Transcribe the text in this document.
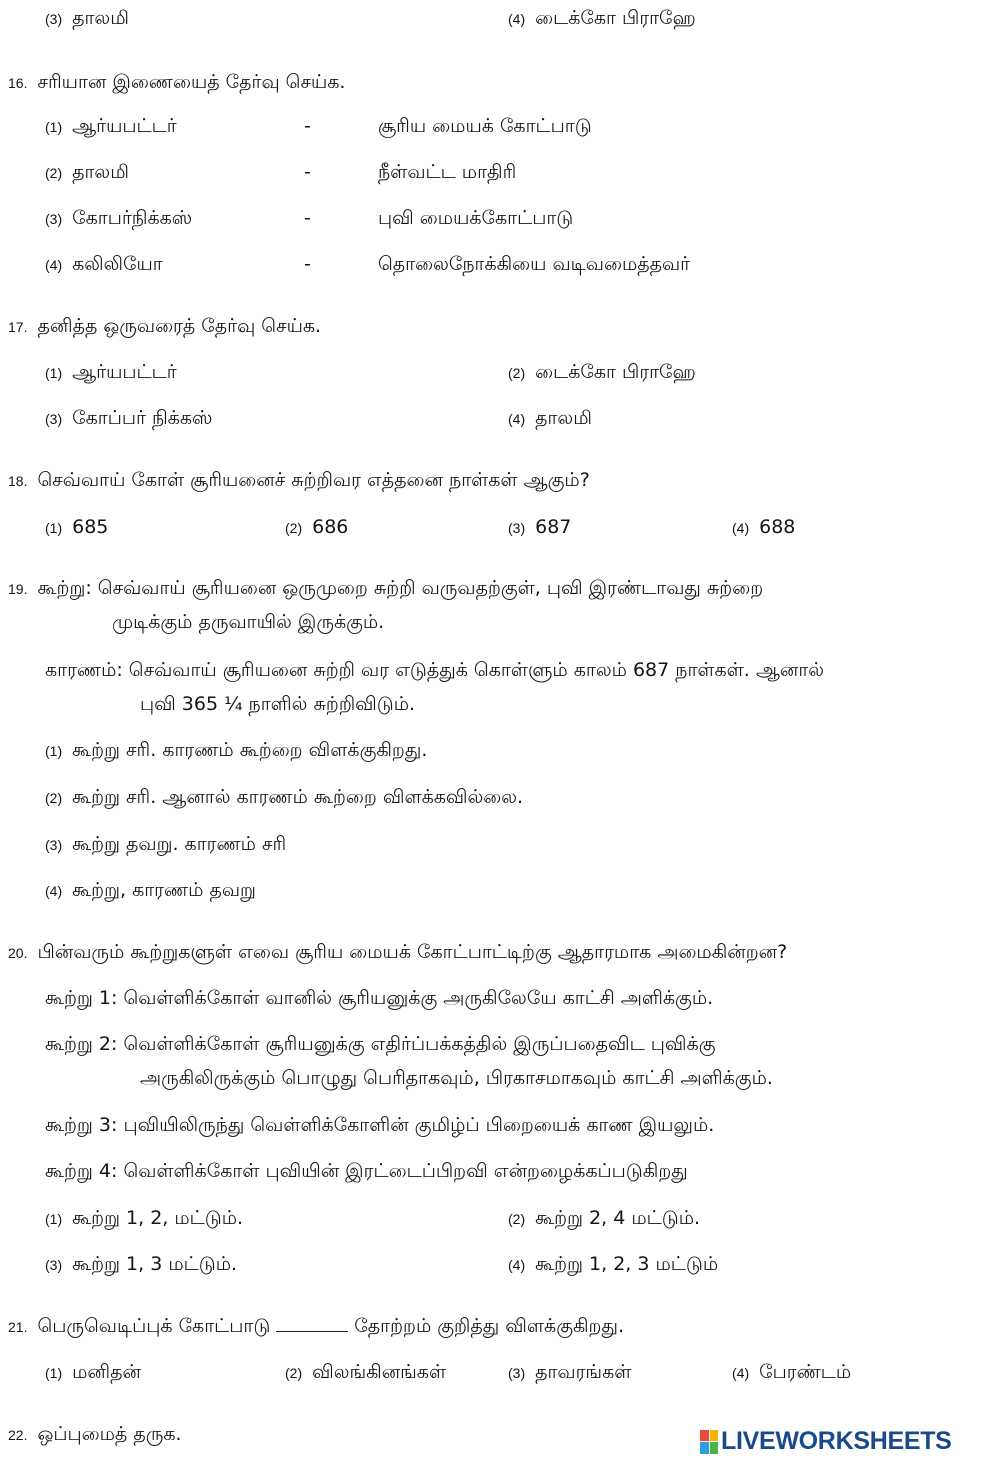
(3) தாலமி	(4) டைக்கோ பிராஹே
16. சரியான இணையைத் தேர்வு செய்க.
(1) ஆர்யபட்டர்	-	சூரிய மையக் கோட்பாடு
(2) தாலமி	-	நீள்வட்ட மாதிரி
(3) கோபர்நிக்கஸ்	-	புவி மையக்கோட்பாடு
(4) கலிலியோ	-	தொலைநோக்கியை வடிவமைத்தவர்
17. தனித்த ஒருவரைத் தேர்வு செய்க.
(1) ஆர்யபட்டர்	(2) டைக்கோ பிராஹே
(3) கோப்பர் நிக்கஸ்	(4) தாலமி
18. செவ்வாய் கோள் சூரியனைச் சுற்றிவர எத்தனை நாள்கள் ஆகும்?
(1) 685	(2) 686	(3) 687	(4) 688
19. கூற்று: செவ்வாய் சூரியனை ஒருமுறை சுற்றி வருவதற்குள், புவி இரண்டாவது சுற்றை
முடிக்கும் தருவாயில் இருக்கும்.
காரணம்: செவ்வாய் சூரியனை சுற்றி வர எடுத்துக் கொள்ளும் காலம் 687 நாள்கள். ஆனால்
புவி 365 ¼ நாளில் சுற்றிவிடும்.
(1) கூற்று சரி. காரணம் கூற்றை விளக்குகிறது.
(2) கூற்று சரி. ஆனால் காரணம் கூற்றை விளக்கவில்லை.
(3) கூற்று தவறு. காரணம் சரி
(4) கூற்று, காரணம் தவறு
20. பின்வரும் கூற்றுகளுள் எவை சூரிய மையக் கோட்பாட்டிற்கு ஆதாரமாக அமைகின்றன?
கூற்று 1: வெள்ளிக்கோள் வானில் சூரியனுக்கு அருகிலேயே காட்சி அளிக்கும்.
கூற்று 2: வெள்ளிக்கோள் சூரியனுக்கு எதிர்ப்பக்கத்தில் இருப்பதைவிட புவிக்கு
அருகிலிருக்கும் பொழுது பெரிதாகவும், பிரகாசமாகவும் காட்சி அளிக்கும்.
கூற்று 3: புவியிலிருந்து வெள்ளிக்கோளின் குமிழ்ப் பிறையைக் காண இயலும்.
கூற்று 4: வெள்ளிக்கோள் புவியின் இரட்டைப்பிறவி என்றழைக்கப்படுகிறது
(1) கூற்று 1, 2, மட்டும்.	(2) கூற்று 2, 4 மட்டும்.
(3) கூற்று 1, 3 மட்டும்.	(4) கூற்று 1, 2, 3 மட்டும்
21. பெருவெடிப்புக் கோட்பாடு	தோற்றம் குறித்து விளக்குகிறது.
(1) மனிதன்	(2) விலங்கினங்கள்	(3) தாவரங்கள்	(4) பேரண்டம்
22. ஒப்புமைத் தருக.	LIVEWORKSHEETS
